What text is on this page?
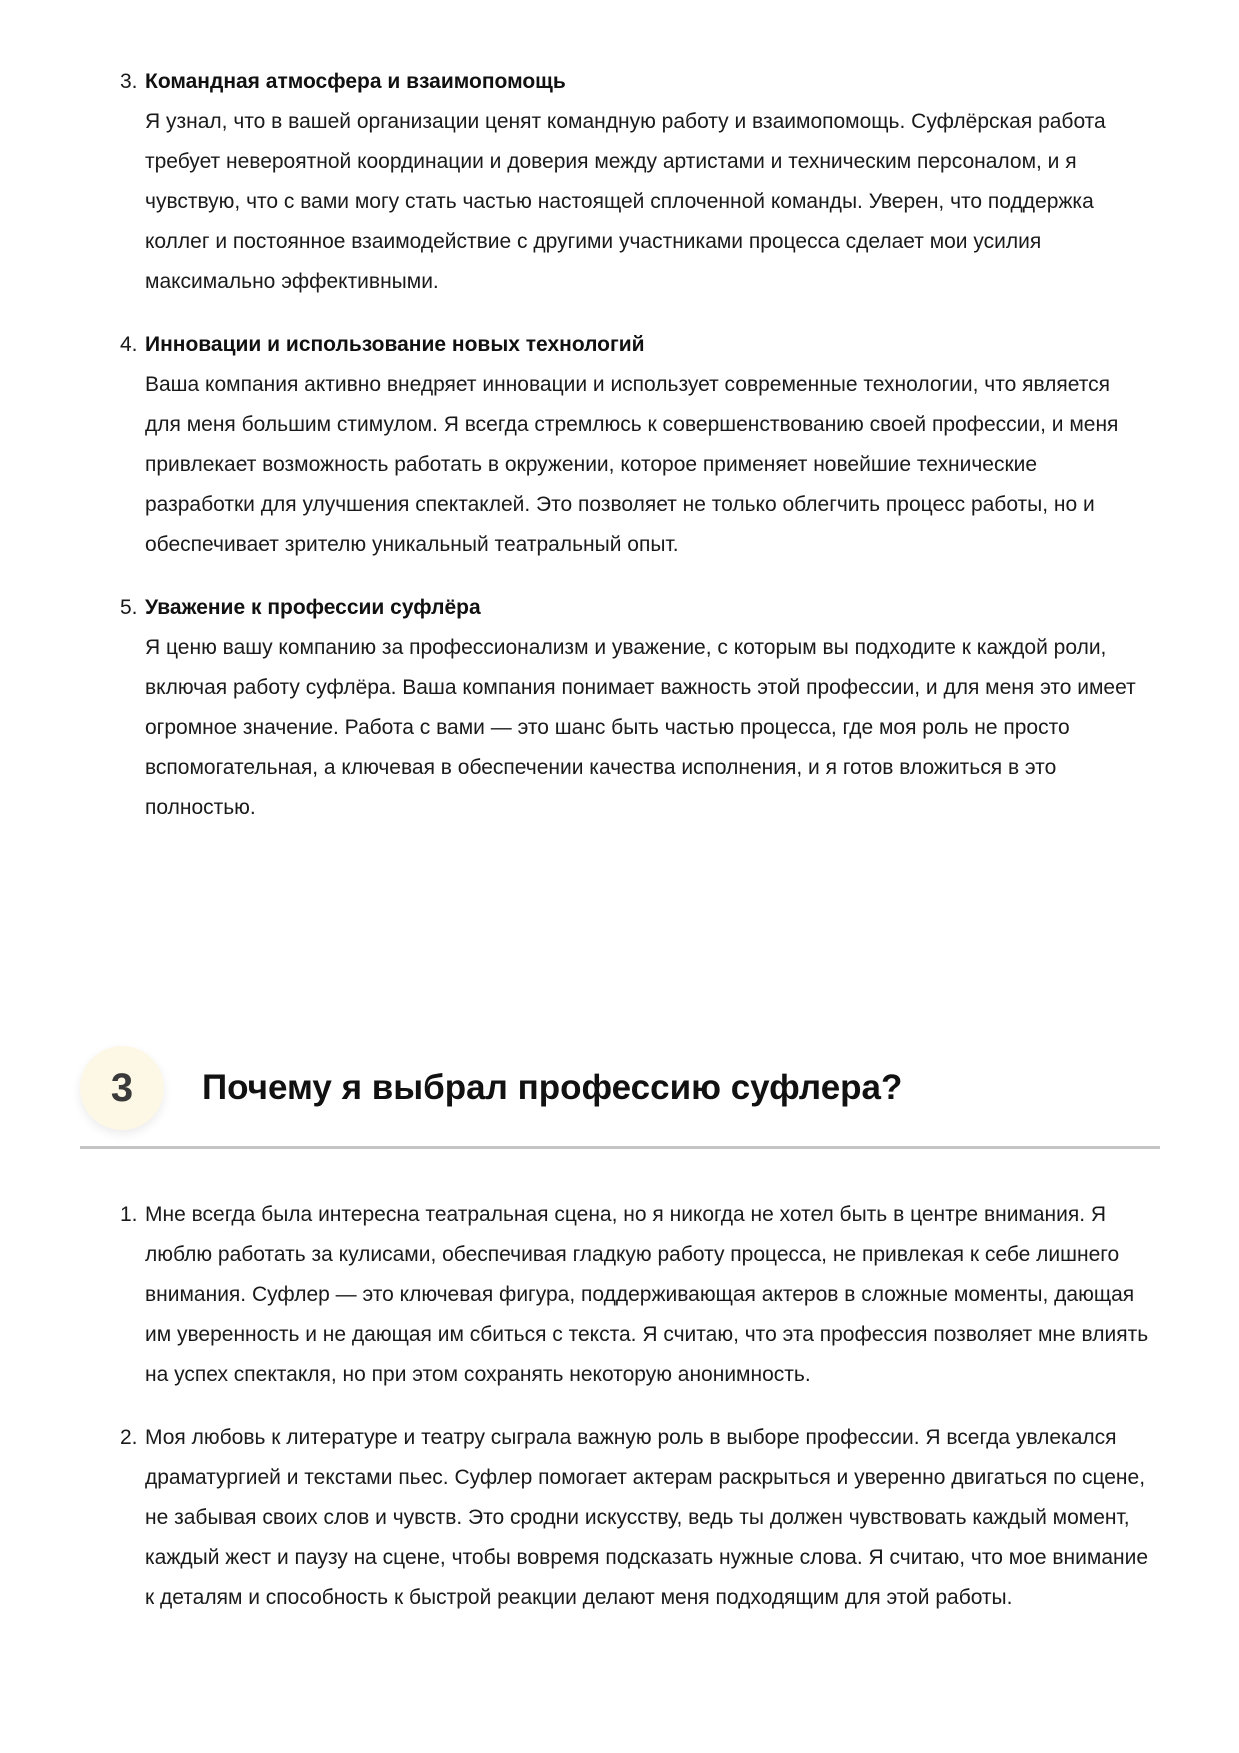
3. Командная атмосфера и взаимопомощь
Я узнал, что в вашей организации ценят командную работу и взаимопомощь. Суфлёрская работа требует невероятной координации и доверия между артистами и техническим персоналом, и я чувствую, что с вами могу стать частью настоящей сплоченной команды. Уверен, что поддержка коллег и постоянное взаимодействие с другими участниками процесса сделает мои усилия максимально эффективными.
4. Инновации и использование новых технологий
Ваша компания активно внедряет инновации и использует современные технологии, что является для меня большим стимулом. Я всегда стремлюсь к совершенствованию своей профессии, и меня привлекает возможность работать в окружении, которое применяет новейшие технические разработки для улучшения спектаклей. Это позволяет не только облегчить процесс работы, но и обеспечивает зрителю уникальный театральный опыт.
5. Уважение к профессии суфлёра
Я ценю вашу компанию за профессионализм и уважение, с которым вы подходите к каждой роли, включая работу суфлёра. Ваша компания понимает важность этой профессии, и для меня это имеет огромное значение. Работа с вами — это шанс быть частью процесса, где моя роль не просто вспомогательная, а ключевая в обеспечении качества исполнения, и я готов вложиться в это полностью.
3	Почему я выбрал профессию суфлера?
1. Мне всегда была интересна театральная сцена, но я никогда не хотел быть в центре внимания. Я люблю работать за кулисами, обеспечивая гладкую работу процесса, не привлекая к себе лишнего внимания. Суфлер — это ключевая фигура, поддерживающая актеров в сложные моменты, дающая им уверенность и не дающая им сбиться с текста. Я считаю, что эта профессия позволяет мне влиять на успех спектакля, но при этом сохранять некоторую анонимность.
2. Моя любовь к литературе и театру сыграла важную роль в выборе профессии. Я всегда увлекался драматургией и текстами пьес. Суфлер помогает актерам раскрыться и уверенно двигаться по сцене, не забывая своих слов и чувств. Это сродни искусству, ведь ты должен чувствовать каждый момент, каждый жест и паузу на сцене, чтобы вовремя подсказать нужные слова. Я считаю, что мое внимание к деталям и способность к быстрой реакции делают меня подходящим для этой работы.
